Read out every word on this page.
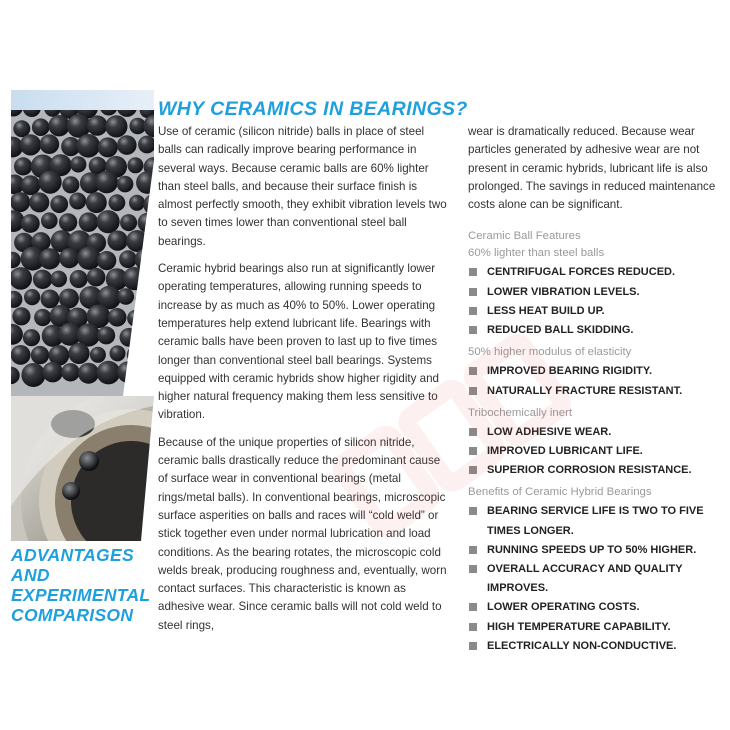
ADVANTAGES
AND
EXPERIMENTAL
COMPARISON
WHY CERAMICS IN BEARINGS?

Use of ceramic (silicon nitride) balls in place of steel balls can radically improve bearing performance in several ways. Because ceramic balls are 60% lighter than steel balls, and because their surface finish is almost perfectly smooth, they exhibit vibration levels two to seven times lower than conventional steel ball bearings.

Ceramic hybrid bearings also run at significantly lower operating temperatures, allowing running speeds to increase by as much as 40% to 50%. Lower operating temperatures help extend lubricant life. Bearings with ceramic balls have been proven to last up to five times longer than conventional steel ball bearings. Systems equipped with ceramic hybrids show higher rigidity and higher natural frequency making them less sensitive to vibration.

Because of the unique properties of silicon nitride, ceramic balls drastically reduce the predominant cause of surface wear in conventional bearings (metal rings/metal balls). In conventional bearings, microscopic surface asperities on balls and races will “cold weld” or stick together even under normal lubrication and load conditions. As the bearing rotates, the microscopic cold welds break, producing roughness and, eventually, worn contact surfaces. This characteristic is known as adhesive wear. Since ceramic balls will not cold weld to steel rings,

wear is dramatically reduced. Because wear particles generated by adhesive wear are not present in ceramic hybrids, lubricant life is also prolonged. The savings in reduced maintenance costs alone can be significant.

Ceramic Ball Features
60% lighter than steel balls
CENTRIFUGAL FORCES REDUCED.
LOWER VIBRATION LEVELS.
LESS HEAT BUILD UP.
REDUCED BALL SKIDDING.
50% higher modulus of elasticity
IMPROVED BEARING RIGIDITY.
NATURALLY FRACTURE RESISTANT.
Tribochemically inert
LOW ADHESIVE WEAR.
IMPROVED LUBRICANT LIFE.
SUPERIOR CORROSION RESISTANCE.
Benefits of Ceramic Hybrid Bearings
BEARING SERVICE LIFE IS TWO TO FIVE TIMES LONGER.
RUNNING SPEEDS UP TO 50% HIGHER.
OVERALL ACCURACY AND QUALITY IMPROVES.
LOWER OPERATING COSTS.
HIGH TEMPERATURE CAPABILITY.
ELECTRICALLY NON-CONDUCTIVE.
